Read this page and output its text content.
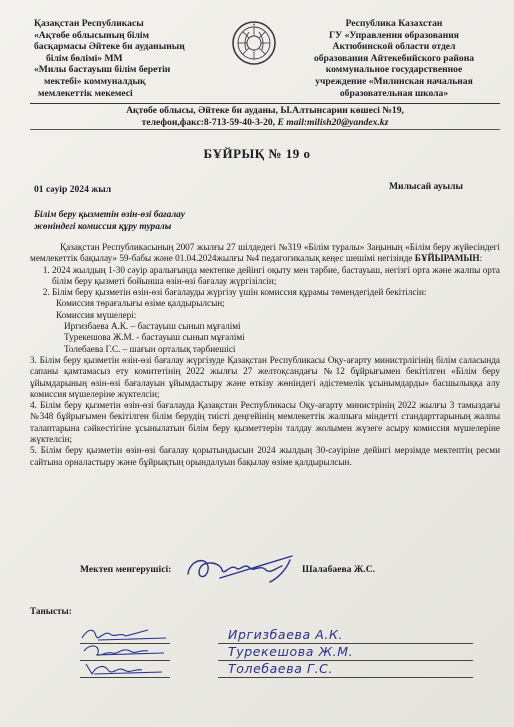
Қазақстан Республикасы
«Ақтөбе облысының білім
басқармасы Әйтеке би ауданының
білім бөлімі» ММ
«Милы бастауыш білім беретін
мектебі» коммуналдық
мемлекеттік мекемесі
Республика Казахстан
ГУ «Управления образования
Актюбинской области отдел
образования Айтекебийского района
коммунальное государственное
учреждение «Милинская начальная
образовательная школа»
Ақтөбе облысы, Әйтеке би ауданы, Ы.Алтынсарин көшесі №19,
телефон,факс:8-713-59-40-3-20, E mail:milish20@yandex.kz
БҰЙРЫҚ № 19 о
01 сәуір 2024 жыл	Милысай ауылы
Білім беру қызметін өзін-өзі бағалау
жөніндегі комиссия құру туралы

Қазақстан Республикасының 2007 жылғы 27 шілдедегі №319 «Білім туралы» Заңының «Білім беру жүйесіндегі мемлекеттік бақылау» 59-бабы және 01.04.2024жылғы №4 педагогикалық кеңес шешімі негізінде БҰЙЫРАМЫН:

1. 2024 жылдың 1-30 сәуір аралығында мектепке дейінгі оқыту мен тәрбие, бастауыш, негізгі орта және жалпы орта білім беру қызметі бойынша өзін-өзі бағалау жүргізілсін;
2. Білім беру қызметін өзін-өзі бағалауды жүргізу үшін комиссия құрамы төмендегідей бекітілсін:

Комиссия төрағалығы өзіме қалдырылсын;

Комиссия мүшелері:

Иргизбаева А.К. – бастауыш сынып мұғалімі

Турекешова Ж.М. - бастауыш сынып мұғалімі

Толебаева Г.С. – шағын орталық тәрбиешісі

3. Білім беру қызметін өзін-өзі бағалау жүргізуде Қазақстан Республикасы Оқу-ағарту министрлігінің білім саласында сапаны қамтамасыз ету комитетінің 2022 жылғы 27 желтоқсандағы №12 бұйрығымен бекітілген «Білім беру ұйымдарының өзін-өзі бағалауын ұйымдастыру және өткізу жөніндегі әдістемелік ұсынымдарды» басшылыққа алу комиссия мүшелеріне жүктелсін;

4. Білім беру қызметін өзін-өзі бағалауда Қазақстан Республикасы Оқу-ағарту министрінің 2022 жылғы 3 тамыздағы №348 бұйрығымен бекітілген білім берудің тиісті деңгейінің мемлекеттік жалпыға міндетті стандарттарының жалпы талаптарына сәйкестігіне ұсынылатын білім беру қызметтерін талдау жолымен жүзеге асыру комиссия мүшелеріне жүктелсін;

5. Білім беру қызметін өзін-өзі бағалау қорытындысын 2024 жылдың 30-сәуіріне дейінгі мерзімде мектептің ресми сайтына орналастыру және бұйрықтың орындалуын бақылау өзіме қалдырылсын.

Мектеп менгерушісі:	Шалабаева Ж.С.
Танысты:
Иргизбаева А.К.
Турекешова Ж.М.
Толебаева Г.С.
